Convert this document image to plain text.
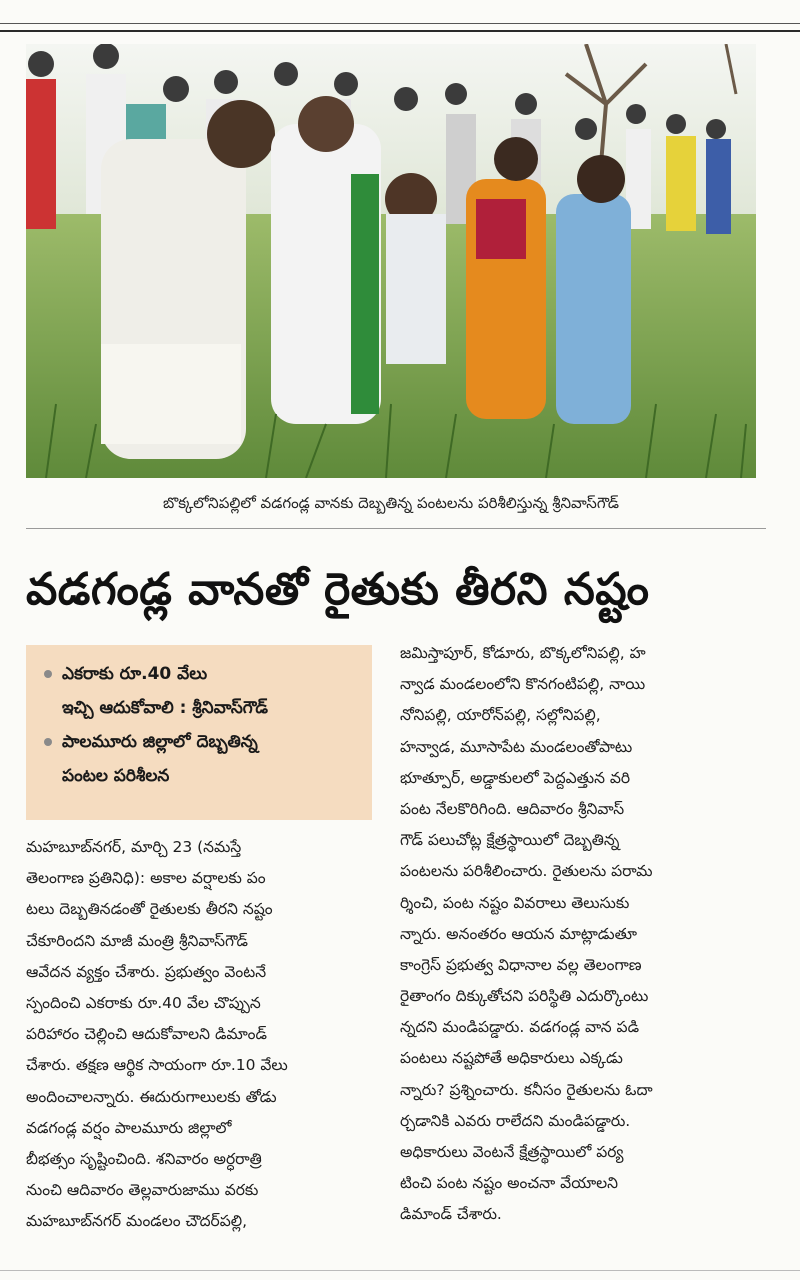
బొక్కలోనిపల్లిలో వడగండ్ల వానకు దెబ్బతిన్న పంటలను పరిశీలిస్తున్న శ్రీనివాస్‌గౌడ్‌
వడగండ్ల వానతో రైతుకు తీరని నష్టం
ఎకరాకు రూ.40 వేలు
ఇచ్చి ఆదుకోవాలి : శ్రీనివాస్‌గౌడ్‌
పాలమూరు జిల్లాలో దెబ్బతిన్న
పంటల పరిశీలన
మహబూబ్‌నగర్‌, మార్చి 23 (నమస్తే
తెలంగాణ ప్రతినిధి): అకాల వర్షాలకు పం
టలు దెబ్బతినడంతో రైతులకు తీరని నష్టం
చేకూరిందని మాజీ మంత్రి శ్రీనివాస్‌గౌడ్‌
ఆవేదన వ్యక్తం చేశారు. ప్రభుత్వం వెంటనే
స్పందించి ఎకరాకు రూ.40 వేల చొప్పున
పరిహారం చెల్లించి ఆదుకోవాలని డిమాండ్‌
చేశారు. తక్షణ ఆర్థిక సాయంగా రూ.10 వేలు
అందించాలన్నారు. ఈదురుగాలులకు తోడు
వడగండ్ల వర్షం పాలమూరు జిల్లాలో
బీభత్సం సృష్టించింది. శనివారం అర్ధరాత్రి
నుంచి ఆదివారం తెల్లవారుజాము వరకు
మహబూబ్‌నగర్‌ మండలం చౌదర్‌పల్లి,
జమిస్తాపూర్‌, కోడూరు, బొక్కలోనిపల్లి, హ
న్వాడ మండలంలోని కొనగంటిపల్లి, నాయి
నోనిపల్లి, యారోన్‌పల్లి, సల్లోనిపల్లి,
హన్వాడ, మూసాపేట మండలంతోపాటు
భూత్పూర్‌, అడ్డాకులలో పెద్దఎత్తున వరి
పంట నేలకొరిగింది. ఆదివారం శ్రీనివాస్‌
గౌడ్‌ పలుచోట్ల క్షేత్రస్థాయిలో దెబ్బతిన్న
పంటలను పరిశీలించారు. రైతులను పరామ
ర్శించి, పంట నష్టం వివరాలు తెలుసుకు
న్నారు. అనంతరం ఆయన మాట్లాడుతూ
కాంగ్రెస్‌ ప్రభుత్వ విధానాల వల్ల తెలంగాణ
రైతాంగం దిక్కుతోచని పరిస్థితి ఎదుర్కొంటు
న్నదని మండిపడ్డారు. వడగండ్ల వాన పడి
పంటలు నష్టపోతే అధికారులు ఎక్కడు
న్నారు? ప్రశ్నించారు. కనీసం రైతులను ఓదా
ర్చడానికి ఎవరు రాలేదని మండిపడ్డారు.
అధికారులు వెంటనే క్షేత్రస్థాయిలో పర్య
టించి పంట నష్టం అంచనా వేయాలని
డిమాండ్‌ చేశారు.
